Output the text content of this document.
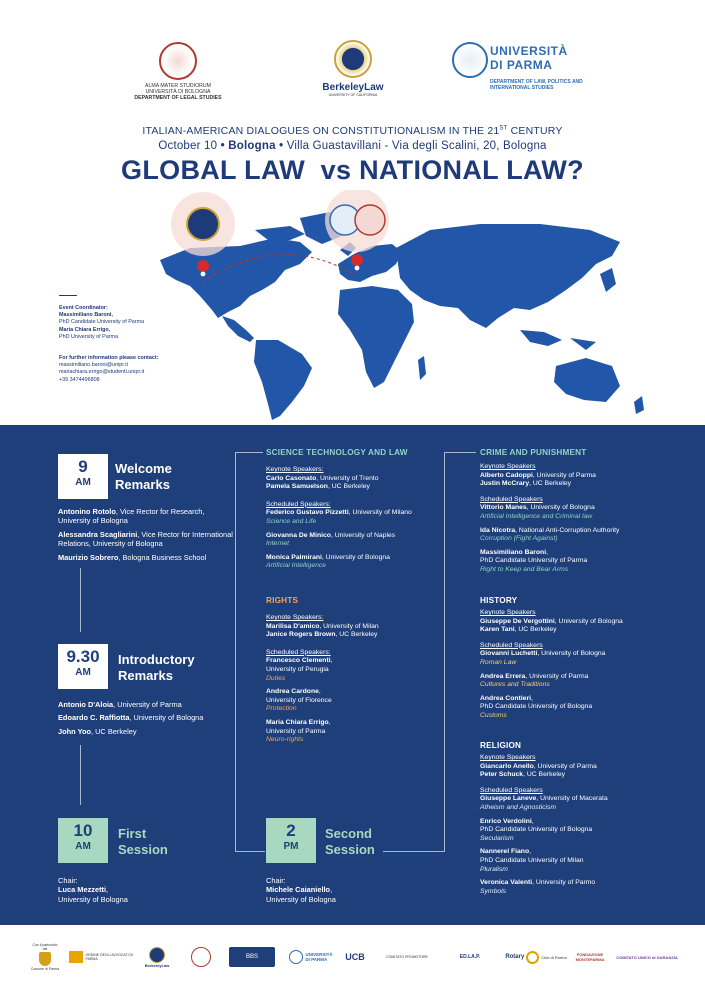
ALMA MATER STUDIORUM
UNIVERSITÀ DI BOLOGNA
DEPARTMENT OF LEGAL STUDIES
BerkeleyLaw
UNIVERSITY OF CALIFORNIA
UNIVERSITÀ
DI PARMA
DEPARTMENT OF LAW, POLITICS AND INTERNATIONAL STUDIES
ITALIAN-AMERICAN DIALOGUES ON CONSTITUTIONALISM IN THE 21ST CENTURY
October 10 • Bologna • Villa Guastavillani - Via degli Scalini, 20, Bologna
GLOBAL LAW  vs NATIONAL LAW?
Event Coordinator:
Massimiliano Baroni,
PhD Candidate University of Parma
Maria Chiara Errigo,
PhD University of Parma
For further information please contact:
massimiliano.baroni@unipr.it
mariachiara.errigo@studenti.unipr.it
+39 3474496808
9
AM
Welcome
Remarks

Antonino Rotolo, Vice Rector for Research, University of Bologna

Alessandra Scagliarini, Vice Rector for International Relations, University of Bologna

Maurizio Sobrero, Bologna Business School

9.30
AM
Introductory
Remarks

Antonio D'Aloia, University of Parma

Edoardo C. Raffiotta, University of Bologna

John Yoo, UC Berkeley

10
AM
First
Session
Chair:
Luca Mezzetti,
University of Bologna
2
PM
Second
Session
Chair:
Michele Caianiello,
University of Bologna
SCIENCE TECHNOLOGY AND LAW
Keynote Speakers:
Carlo Casonato, University of Trento
Pamela Samuelson, UC Berkeley
Scheduled Speakers:
Federico Gustavo Pizzetti, University of Milano
Science and Life
Giovanna De Minico, University of Naples
Internet
Monica Palmirani, University of Bologna
Artificial Intelligence
RIGHTS
Keynote Speakers:
Marilisa D'amico, University of Milan
Janice Rogers Brown, UC Berkeley
Scheduled Speakers:
Francesco Clementi,
University of Perugia
Duties
Andrea Cardone,
University of Florence
Protection
Maria Chiara Errigo,
University of Parma
Neuro-rights
CRIME AND PUNISHMENT
Keynote Speakers
Alberto Cadoppi, University of Parma
Justin McCrary, UC Berkeley
Scheduled Speakers
Vittorio Manes, University of Bologna
Artificial Intelligence and Criminal law
Ida Nicotra, National Anti-Corruption Authority
Corruption (Fight Against)
Massimiliano Baroni,
PhD Candidate University of Parma
Right to Keep and Bear Arms
HISTORY
Keynote Speakers
Giuseppe De Vergottini, University of Bologna
Karen Tani, UC Berkeley
Scheduled Speakers
Giovanni Luchetti, University of Bologna
Roman Law
Andrea Errera, University of Parma
Cultures and Traditions
Andrea Contieri,
PhD Candidate University of Bologna
Customs
RELIGION
Keynote Speakers
Giancarlo Anello, University of Parma
Peter Schuck, UC Berkeley
Scheduled Speakers
Giuseppe Laneve, University of Macerata
Atheism and Agnosticism
Enrico Verdolini,
PhD Candidate University of Bologna
Secularism
Nannerel Fiano,
PhD Candidate University of Milan
Pluralism
Veronica Valenti, University of Parmo
Symbols
Con il patrocinio del
Comune di Parma
ORDINE DEGLI AVVOCATI DI PARMA
BerkeleyLaw
BBS	UNIVERSITÀ
DI PARMA	UCB	COMITATO PROMOTORE	ED.LA.P.	Rotary	Club di Parma	FONDAZIONE MONTEPARMA	COMITATO UNICO di GARANZIA
